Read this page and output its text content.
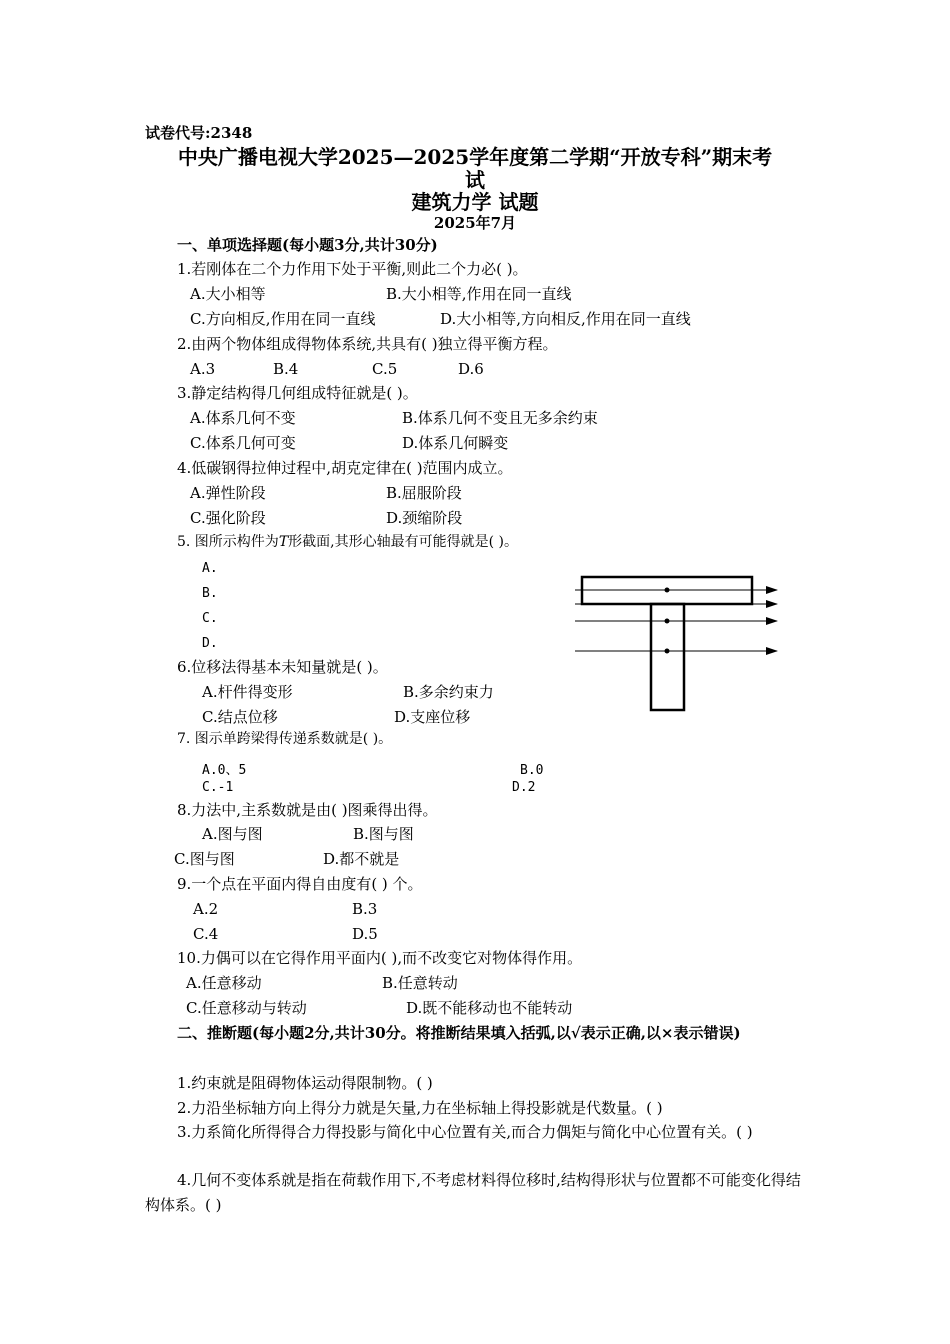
试卷代号:2348
中央广播电视大学2025—2025学年度第二学期“开放专科”期末考
试
建筑力学 试题
2025年7月
一、单项选择题(每小题3分,共计30分)
1.若刚体在二个力作用下处于平衡,则此二个力必( )。
A.大小相等	B.大小相等,作用在同一直线
C.方向相反,作用在同一直线	D.大小相等,方向相反,作用在同一直线
2.由两个物体组成得物体系统,共具有( )独立得平衡方程。
A.3	B.4	C.5	D.6
3.静定结构得几何组成特征就是( )。
A.体系几何不变	B.体系几何不变且无多余约束
C.体系几何可变	D.体系几何瞬变
4.低碳钢得拉伸过程中,胡克定律在( )范围内成立。
A.弹性阶段	B.屈服阶段
C.强化阶段	D.颈缩阶段
5. 图所示构件为T形截面,其形心轴最有可能得就是( )。
A.
B.
C.
D.
6.位移法得基本未知量就是( )。
A.杆件得变形	B.多余约束力
C.结点位移	D.支座位移
7. 图示单跨梁得传递系数就是( )。
A.0、5	B.0
C.-1	D.2
8.力法中,主系数就是由( )图乘得出得。
A.图与图	B.图与图
C.图与图	D.都不就是
9.一个点在平面内得自由度有( ) 个。
A.2	B.3
C.4	D.5
10.力偶可以在它得作用平面内( ),而不改变它对物体得作用。
A.任意移动	B.任意转动
C.任意移动与转动	D.既不能移动也不能转动
二、推断题(每小题2分,共计30分。将推断结果填入括弧,以√表示正确,以×表示错误)
1.约束就是阻碍物体运动得限制物。( )
2.力沿坐标轴方向上得分力就是矢量,力在坐标轴上得投影就是代数量。( )
3.力系简化所得得合力得投影与简化中心位置有关,而合力偶矩与简化中心位置有关。( )
4.几何不变体系就是指在荷载作用下,不考虑材料得位移时,结构得形状与位置都不可能变化得结构体系。( )
